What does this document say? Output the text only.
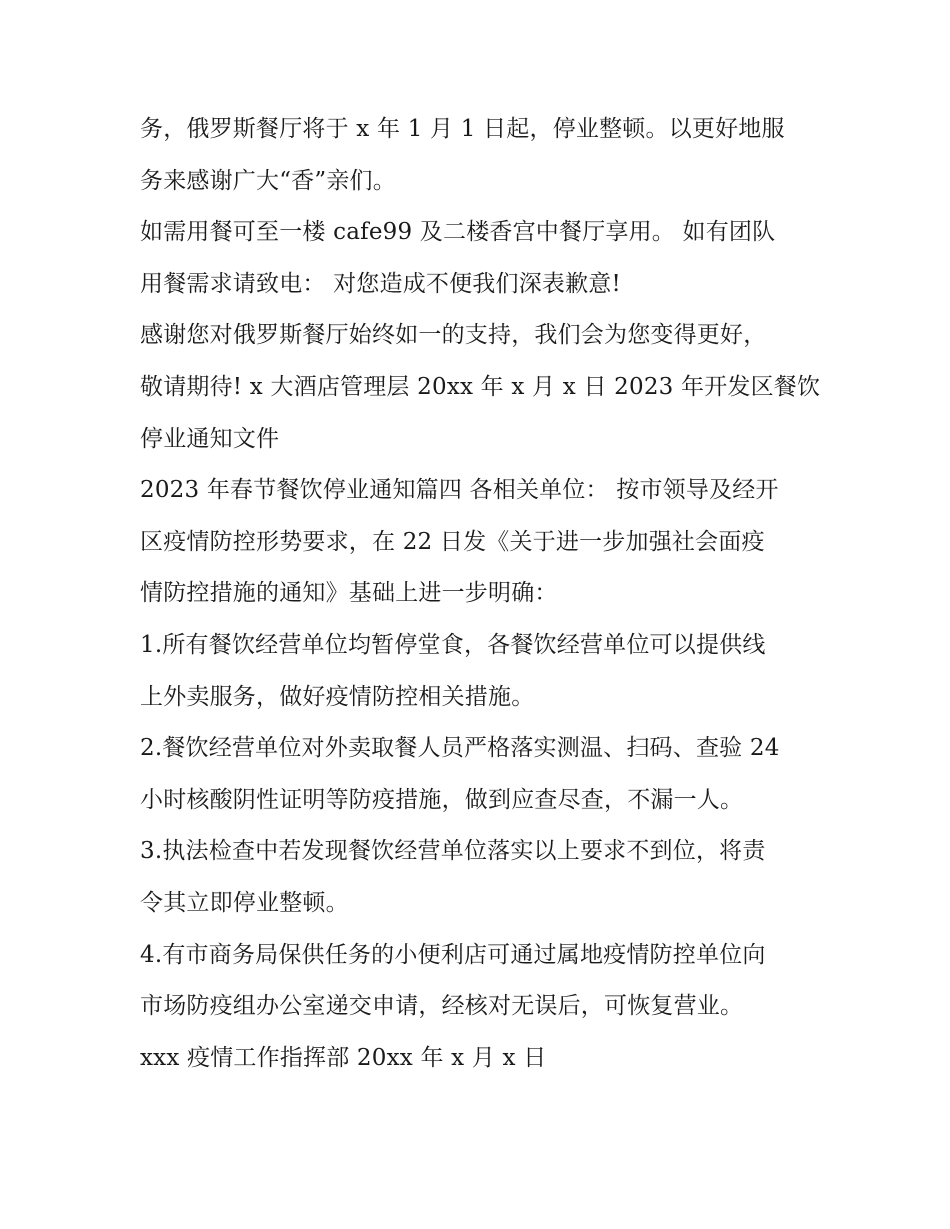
务，俄罗斯餐厅将于 x 年 1 月 1 日起，停业整顿。以更好地服
务来感谢广大“香”亲们。
如需用餐可至一楼 cafe99 及二楼香宫中餐厅享用。 如有团队
用餐需求请致电： 对您造成不便我们深表歉意!
感谢您对俄罗斯餐厅始终如一的支持，我们会为您变得更好，
敬请期待! x 大酒店管理层 20xx 年 x 月 x 日 2023 年开发区餐饮
停业通知文件
2023 年春节餐饮停业通知篇四 各相关单位： 按市领导及经开
区疫情防控形势要求，在 22 日发《关于进一步加强社会面疫
情防控措施的通知》基础上进一步明确：
1.所有餐饮经营单位均暂停堂食，各餐饮经营单位可以提供线
上外卖服务，做好疫情防控相关措施。
2.餐饮经营单位对外卖取餐人员严格落实测温、扫码、查验 24
小时核酸阴性证明等防疫措施，做到应查尽查，不漏一人。
3.执法检查中若发现餐饮经营单位落实以上要求不到位，将责
令其立即停业整顿。
4.有市商务局保供任务的小便利店可通过属地疫情防控单位向
市场防疫组办公室递交申请，经核对无误后，可恢复营业。
xxx 疫情工作指挥部 20xx 年 x 月 x 日
